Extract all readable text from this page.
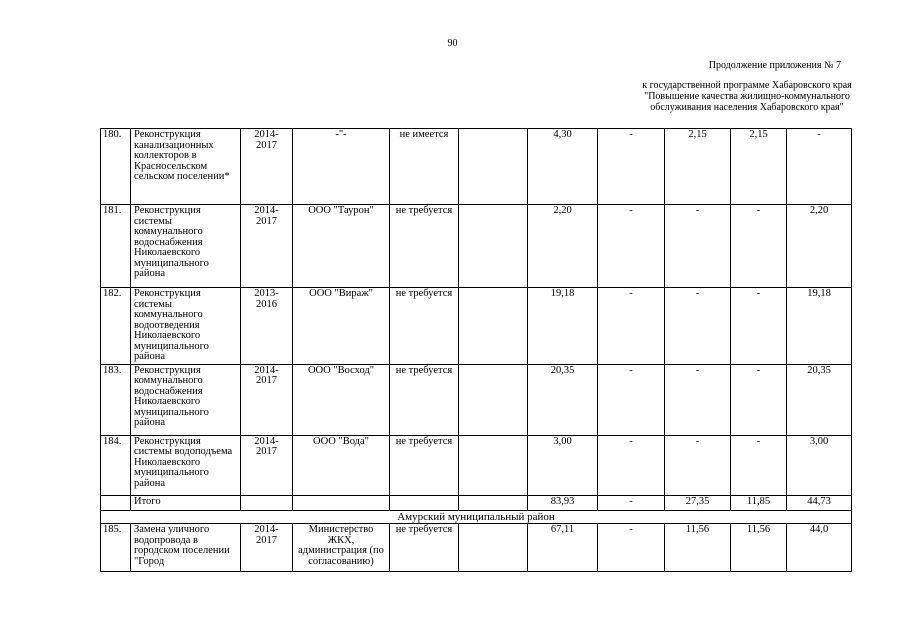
90
Продолжение приложения № 7
к государственной программе Хабаровского края
"Повышение качества жилищно-коммунального
обслуживания населения Хабаровского края"
180.	Реконструкция канализационных коллекторов в Красносельском сельском поселении*	2014-2017	-"-	не имеется		4,30	-	2,15	2,15	-
181.	Реконструкция системы коммунального водоснабжения Николаевского муниципального района	2014-2017	ООО "Таурон"	не требуется		2,20	-	-	-	2,20
182.	Реконструкция системы коммунального водоотведения Николаевского муниципального района	2013-2016	ООО "Вираж"	не требуется		19,18	-	-	-	19,18
183.	Реконструкция коммунального водоснабжения Николаевского муниципального района	2014-2017	ООО "Восход"	не требуется		20,35	-	-	-	20,35
184.	Реконструкция системы водоподъема Николаевского муниципального района	2014-2017	ООО "Вода"	не требуется		3,00	-	-	-	3,00
	Итого					83,93	-	27,35	11,85	44,73
Амурский муниципальный район										
185.	Замена уличного водопровода в городском поселении "Город	2014-2017	Министерство ЖКХ, администрация (по согласованию)	не требуется		67,11	-	11,56	11,56	44,0
